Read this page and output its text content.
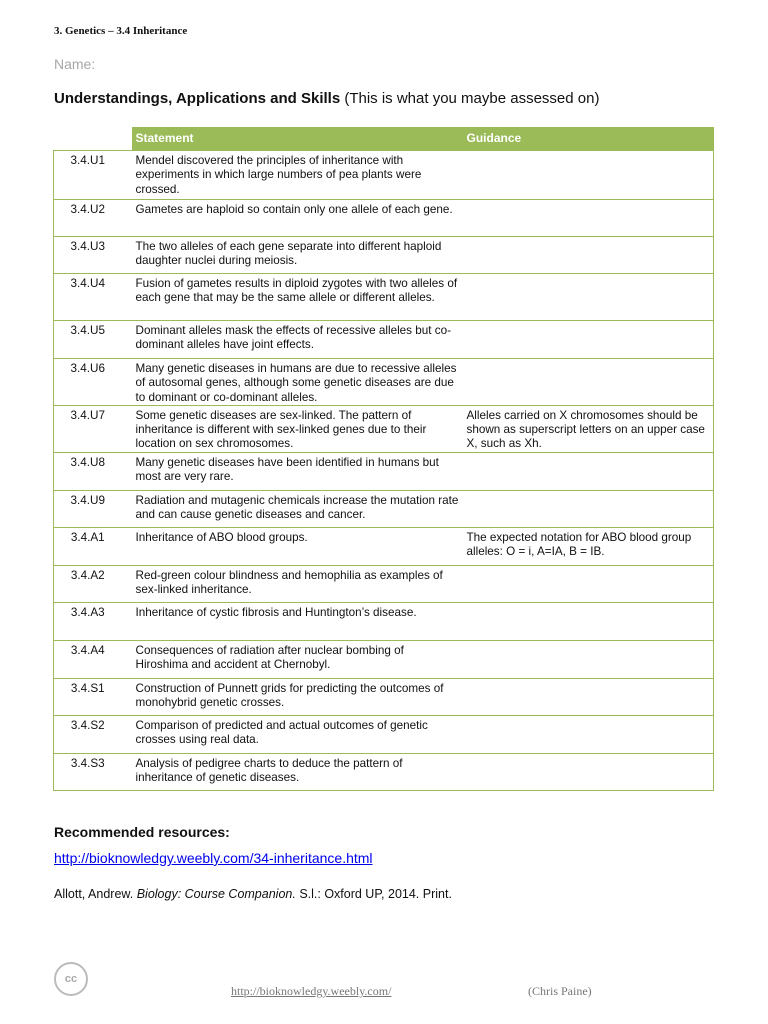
3. Genetics – 3.4 Inheritance
Name:
Understandings, Applications and Skills (This is what you maybe assessed on)
	Statement	Guidance
3.4.U1	Mendel discovered the principles of inheritance with experiments in which large numbers of pea plants were crossed.	
3.4.U2	Gametes are haploid so contain only one allele of each gene.	
3.4.U3	The two alleles of each gene separate into different haploid daughter nuclei during meiosis.	
3.4.U4	Fusion of gametes results in diploid zygotes with two alleles of each gene that may be the same allele or different alleles.	
3.4.U5	Dominant alleles mask the effects of recessive alleles but co-dominant alleles have joint effects.	
3.4.U6	Many genetic diseases in humans are due to recessive alleles of autosomal genes, although some genetic diseases are due to dominant or co-dominant alleles.	
3.4.U7	Some genetic diseases are sex-linked. The pattern of inheritance is different with sex-linked genes due to their location on sex chromosomes.	Alleles carried on X chromosomes should be shown as superscript letters on an upper case X, such as Xh.
3.4.U8	Many genetic diseases have been identified in humans but most are very rare.	
3.4.U9	Radiation and mutagenic chemicals increase the mutation rate and can cause genetic diseases and cancer.	
3.4.A1	Inheritance of ABO blood groups.	The expected notation for ABO blood group alleles: O = i, A=IA, B = IB.
3.4.A2	Red-green colour blindness and hemophilia as examples of sex-linked inheritance.	
3.4.A3	Inheritance of cystic fibrosis and Huntington’s disease.	
3.4.A4	Consequences of radiation after nuclear bombing of Hiroshima and accident at Chernobyl.	
3.4.S1	Construction of Punnett grids for predicting the outcomes of monohybrid genetic crosses.	
3.4.S2	Comparison of predicted and actual outcomes of genetic crosses using real data.	
3.4.S3	Analysis of pedigree charts to deduce the pattern of inheritance of genetic diseases.	
Recommended resources:
http://bioknowledgy.weebly.com/34-inheritance.html
Allott, Andrew. Biology: Course Companion. S.l.: Oxford UP, 2014. Print.
cc
http://bioknowledgy.weebly.com/	(Chris Paine)
